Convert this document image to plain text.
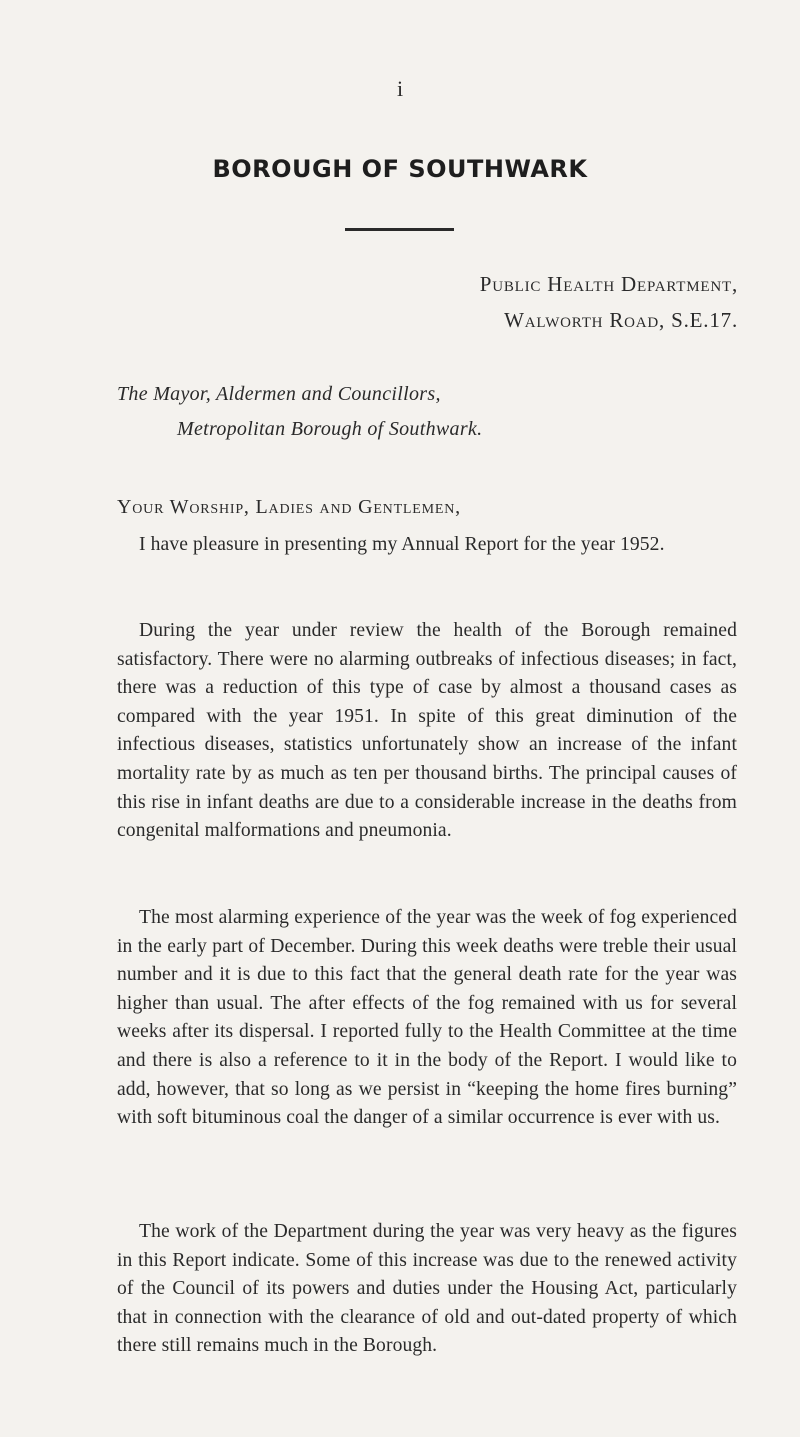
i
BOROUGH OF SOUTHWARK
Public Health Department,
Walworth Road, S.E.17.
The Mayor, Aldermen and Councillors,
Metropolitan Borough of Southwark.
Your Worship, Ladies and Gentlemen,

I have pleasure in presenting my Annual Report for the year 1952.

During the year under review the health of the Borough remained satisfactory. There were no alarming outbreaks of infectious diseases; in fact, there was a reduction of this type of case by almost a thousand cases as compared with the year 1951. In spite of this great diminution of the infectious diseases, statistics unfortunately show an increase of the infant mortality rate by as much as ten per thousand births. The principal causes of this rise in infant deaths are due to a considerable increase in the deaths from congenital malformations and pneumonia.

The most alarming experience of the year was the week of fog experienced in the early part of December. During this week deaths were treble their usual number and it is due to this fact that the general death rate for the year was higher than usual. The after effects of the fog remained with us for several weeks after its dispersal. I reported fully to the Health Committee at the time and there is also a reference to it in the body of the Report. I would like to add, however, that so long as we persist in “keeping the home fires burning” with soft bituminous coal the danger of a similar occurrence is ever with us.

The work of the Department during the year was very heavy as the figures in this Report indicate. Some of this increase was due to the renewed activity of the Council of its powers and duties under the Housing Act, particularly that in connection with the clearance of old and out-dated property of which there still remains much in the Borough.
